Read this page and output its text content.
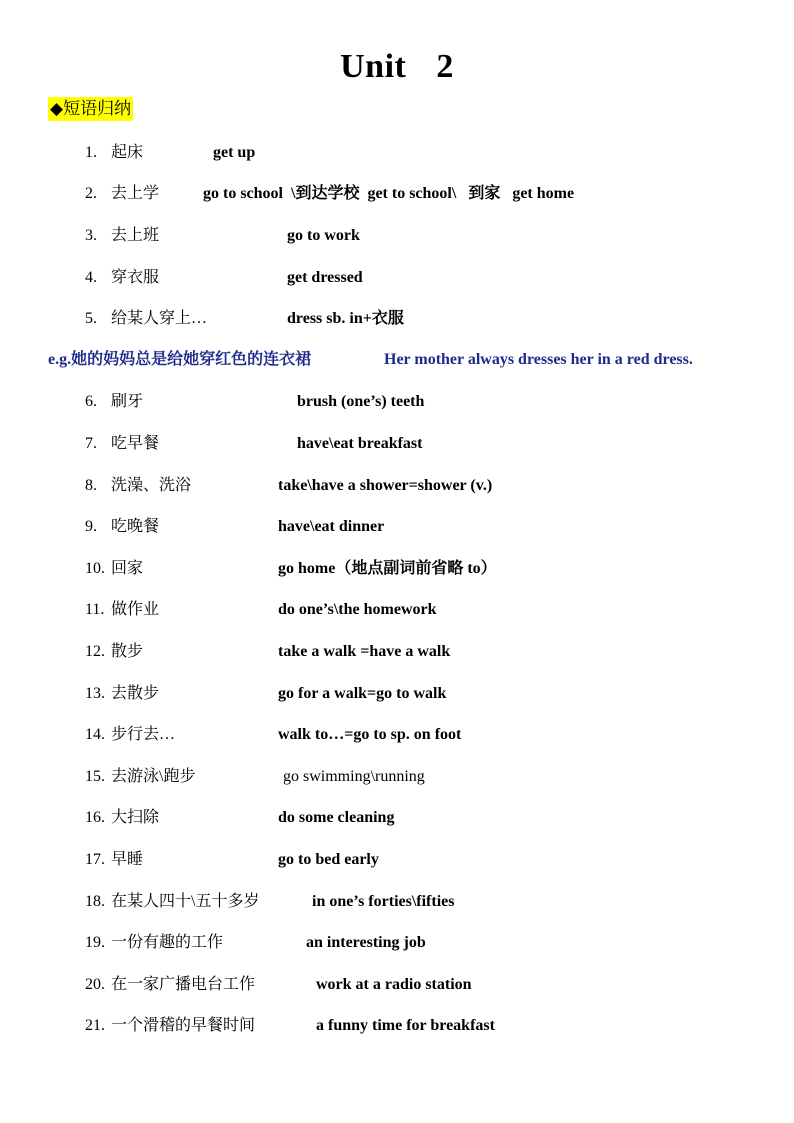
Unit 2
◆短语归纳
1. 起床	get up
2. 去上学	go to school  \到达学校  get to school\   到家   get home
3. 去上班	go to work
4. 穿衣服	get dressed
5. 给某人穿上…	dress sb. in+衣服
e.g.她的妈妈总是给她穿红色的连衣裙	Her mother always dresses her in a red dress.
6. 刷牙	brush (one’s) teeth
7. 吃早餐	have\eat breakfast
8. 洗澡、洗浴	take\have a shower=shower (v.)
9. 吃晚餐	have\eat dinner
10. 回家	go home（地点副词前省略 to）
11. 做作业	do one’s\the homework
12. 散步	take a walk =have a walk
13. 去散步	go for a walk=go to walk
14. 步行去…	walk to…=go to sp. on foot
15. 去游泳\跑步	go swimming\running
16. 大扫除	do some cleaning
17. 早睡	go to bed early
18. 在某人四十\五十多岁	in one’s forties\fifties
19. 一份有趣的工作	an interesting job
20. 在一家广播电台工作	work at a radio station
21. 一个滑稽的早餐时间	a funny time for breakfast
